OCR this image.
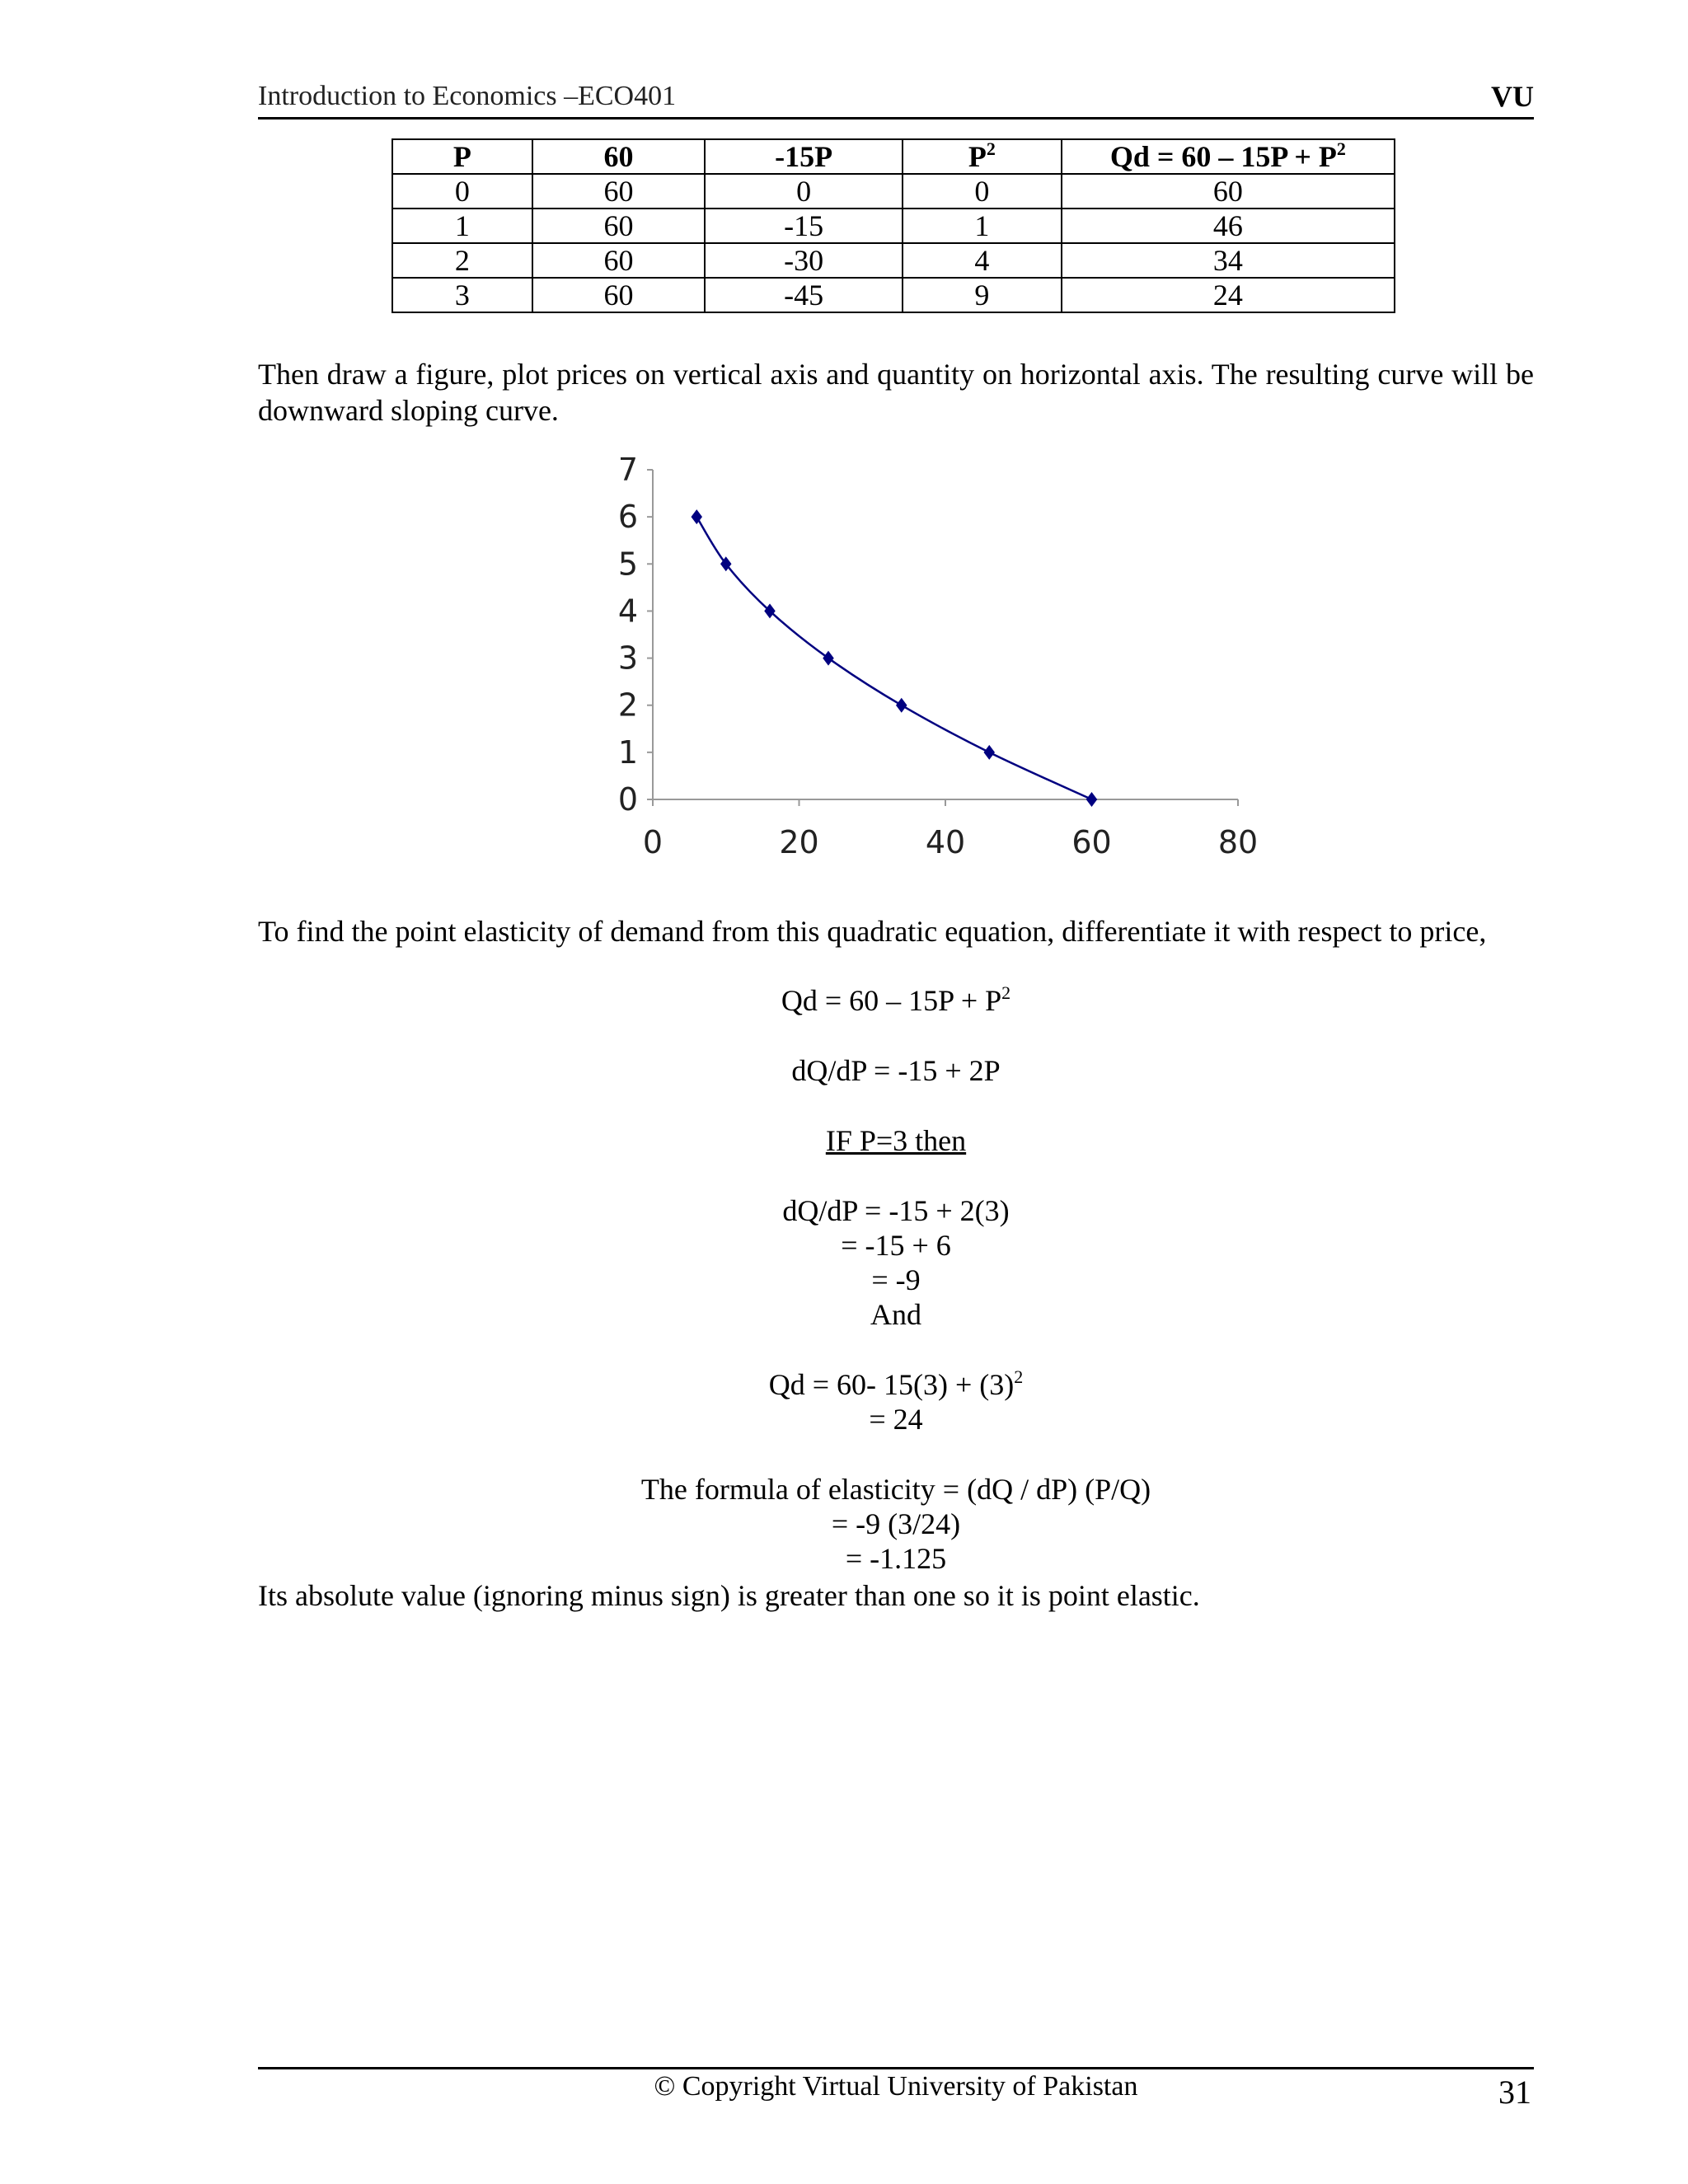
Introduction to Economics –ECO401	VU
P	60	-15P	$P^2$	$Qd = 60 - 15P + P^2$
0	60	0	0	60
1	60	-15	1	46
2	60	-30	4	34
3	60	-45	9	24
Then draw a figure, plot prices on vertical axis and quantity on horizontal axis. The resulting curve will be downward sloping curve.
0
1
2
3
4
5
6
7
0	20	40	60	80
To find the point elasticity of demand from this quadratic equation, differentiate it with respect to price,
$Qd = 60 - 15P + P^2$
dQ/dP = -15 + 2P
IF P=3 then
dQ/dP = -15 + 2(3)
= -15 + 6
= -9
And
Qd = 60- $15(3) + (3)^2$
= 24
The formula of elasticity = (dQ / dP) (P/Q)
= -9 (3/24)
= -1.125
Its absolute value (ignoring minus sign) is greater than one so it is point elastic.
© Copyright Virtual University of Pakistan	31
